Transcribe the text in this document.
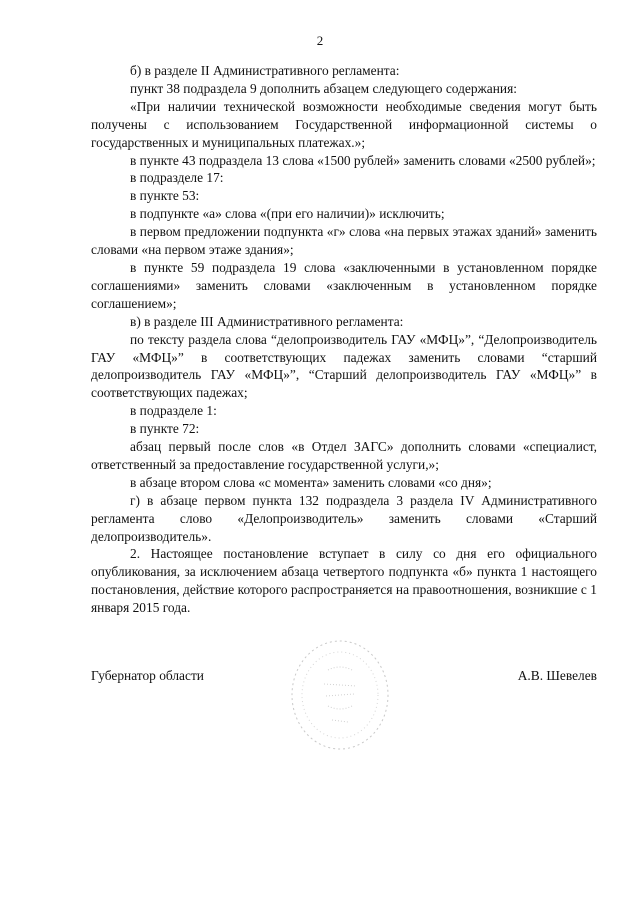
2

б) в разделе II Административного регламента:

пункт 38 подраздела 9 дополнить абзацем следующего содержания:

«При наличии технической возможности необходимые сведения могут быть получены с использованием Государственной информационной системы о государственных и муниципальных платежах.»;

в пункте 43 подраздела 13 слова «1500 рублей» заменить словами «2500 рублей»;

в подразделе 17:

в пункте 53:

в подпункте «а» слова «(при его наличии)» исключить;

в первом предложении подпункта «г» слова «на первых этажах зданий» заменить словами «на первом этаже здания»;

в пункте 59 подраздела 19 слова «заключенными в установленном порядке соглашениями» заменить словами «заключенным в установленном порядке соглашением»;

в) в разделе III Административного регламента:

по тексту раздела слова “делопроизводитель ГАУ «МФЦ»”, “Делопроизводитель ГАУ «МФЦ»” в соответствующих падежах заменить словами “старший делопроизводитель ГАУ «МФЦ»”, “Старший делопроизводитель ГАУ «МФЦ»” в соответствующих падежах;

в подразделе 1:

в пункте 72:

абзац первый после слов «в Отдел ЗАГС» дополнить словами «специалист, ответственный за предоставление государственной услуги,»;

в абзаце втором слова «с момента» заменить словами «со дня»;

г) в абзаце первом пункта 132 подраздела 3 раздела IV Административного регламента слово «Делопроизводитель» заменить словами «Старший делопроизводитель».

2. Настоящее постановление вступает в силу со дня его официального опубликования, за исключением абзаца четвертого подпункта «б» пункта 1 настоящего постановления, действие которого распространяется на правоотношения, возникшие с 1 января 2015 года.

Губернатор области	А.В. Шевелев
